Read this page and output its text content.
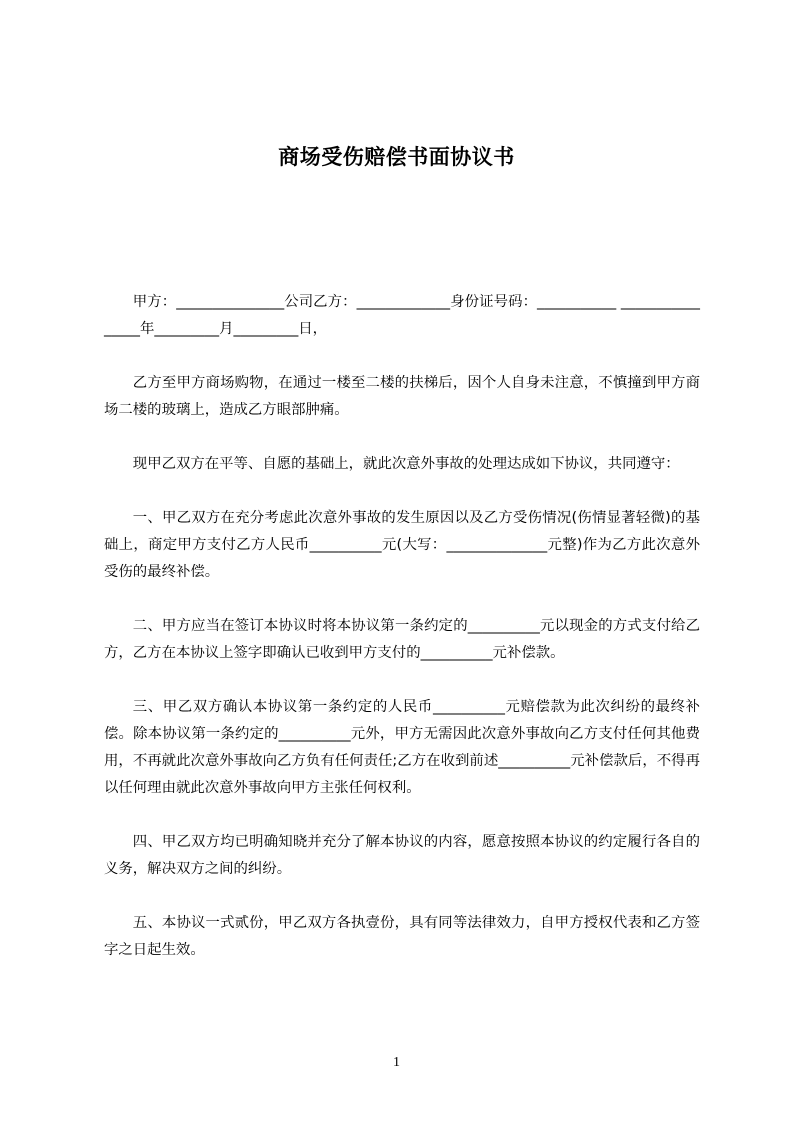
商场受伤赔偿书面协议书

甲方：_______________公司乙方：_____________身份证号码：___________ ________________年_________月_________日，

乙方至甲方商场购物，在通过一楼至二楼的扶梯后，因个人自身未注意，不慎撞到甲方商场二楼的玻璃上，造成乙方眼部肿痛。

现甲乙双方在平等、自愿的基础上，就此次意外事故的处理达成如下协议，共同遵守：

一、甲乙双方在充分考虑此次意外事故的发生原因以及乙方受伤情况(伤情显著轻微)的基础上，商定甲方支付乙方人民币__________元(大写：______________元整)作为乙方此次意外受伤的最终补偿。

二、甲方应当在签订本协议时将本协议第一条约定的__________元以现金的方式支付给乙方，乙方在本协议上签字即确认已收到甲方支付的__________元补偿款。

三、甲乙双方确认本协议第一条约定的人民币__________元赔偿款为此次纠纷的最终补偿。除本协议第一条约定的__________元外，甲方无需因此次意外事故向乙方支付任何其他费用，不再就此次意外事故向乙方负有任何责任;乙方在收到前述__________元补偿款后，不得再以任何理由就此次意外事故向甲方主张任何权利。

四、甲乙双方均已明确知晓并充分了解本协议的内容，愿意按照本协议的约定履行各自的义务，解决双方之间的纠纷。

五、本协议一式贰份，甲乙双方各执壹份，具有同等法律效力，自甲方授权代表和乙方签字之日起生效。

1
